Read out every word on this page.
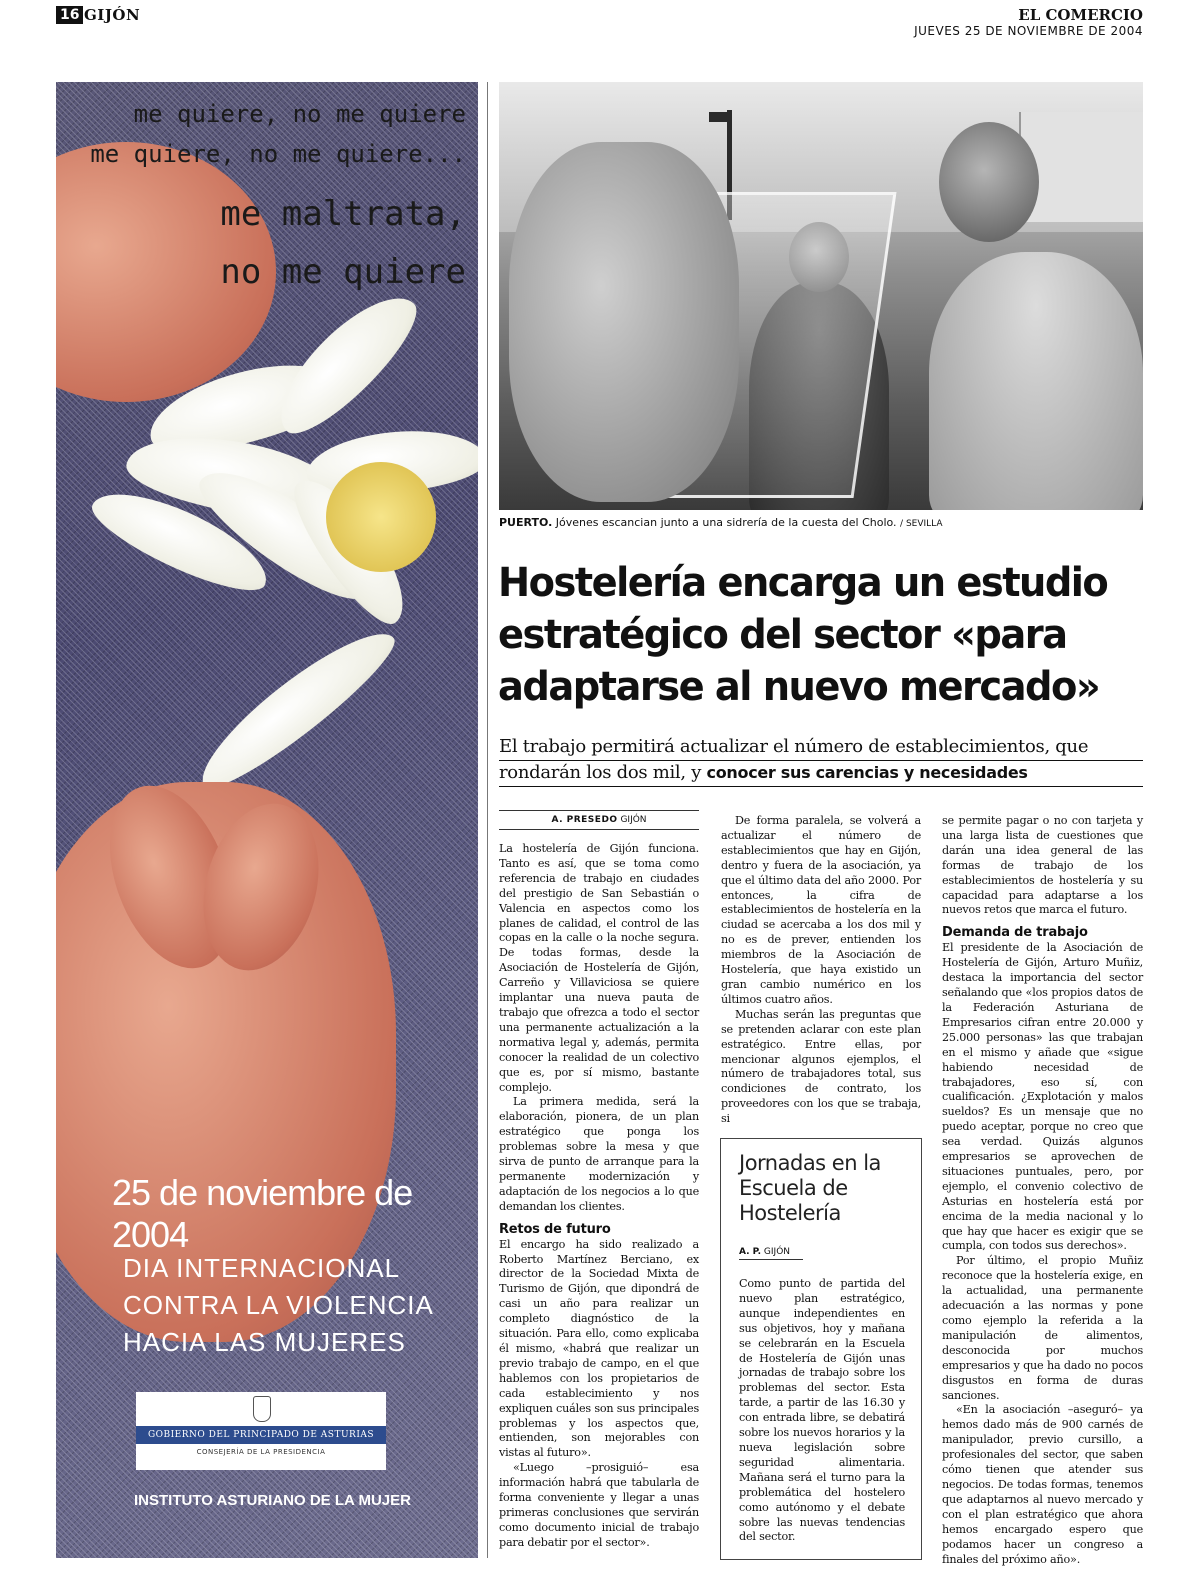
16 GIJÓN	EL COMERCIO
JUEVES 25 DE NOVIEMBRE DE 2004
me quiere, no me quiere
me quiere, no me quiere...
me maltrata,
no me quiere
25 de noviembre de 2004
DIA INTERNACIONAL
CONTRA LA VIOLENCIA
HACIA LAS MUJERES
GOBIERNO DEL PRINCIPADO DE ASTURIAS
CONSEJERÍA DE LA PRESIDENCIA
INSTITUTO ASTURIANO DE LA MUJER
PUERTO. Jóvenes escancian junto a una sidrería de la cuesta del Cholo. / SEVILLA
Hostelería encarga un estudio estratégico del sector «para adaptarse al nuevo mercado»
El trabajo permitirá actualizar el número de establecimientos, que rondarán los dos mil, y conocer sus carencias y necesidades
A. PRESEDO GIJÓN

La hostelería de Gijón funciona. Tanto es así, que se toma como referencia de trabajo en ciudades del prestigio de San Sebastián o Valencia en aspectos como los planes de calidad, el control de las copas en la calle o la noche segura. De todas formas, desde la Asociación de Hostelería de Gijón, Carreño y Villaviciosa se quiere implantar una nueva pauta de trabajo que ofrezca a todo el sector una permanente actualización a la normativa legal y, además, permita conocer la realidad de un colectivo que es, por sí mismo, bastante complejo.

La primera medida, será la elaboración, pionera, de un plan estratégico que ponga los problemas sobre la mesa y que sirva de punto de arranque para la permanente modernización y adaptación de los negocios a lo que demandan los clientes.

Retos de futuro

El encargo ha sido realizado a Roberto Martínez Berciano, ex director de la Sociedad Mixta de Turismo de Gijón, que dipondrá de casi un año para realizar un completo diagnóstico de la situación. Para ello, como explicaba él mismo, «habrá que realizar un previo trabajo de campo, en el que hablemos con los propietarios de cada establecimiento y nos expliquen cuáles son sus principales problemas y los aspectos que, entienden, son mejorables con vistas al futuro».

«Luego –prosiguió– esa información habrá que tabularla de forma conveniente y llegar a unas primeras conclusiones que servirán como documento inicial de trabajo para debatir por el sector».

De forma paralela, se volverá a actualizar el número de establecimientos que hay en Gijón, dentro y fuera de la asociación, ya que el último data del año 2000. Por entonces, la cifra de establecimientos de hostelería en la ciudad se acercaba a los dos mil y no es de prever, entienden los miembros de la Asociación de Hostelería, que haya existido un gran cambio numérico en los últimos cuatro años.

Muchas serán las preguntas que se pretenden aclarar con este plan estratégico. Entre ellas, por mencionar algunos ejemplos, el número de trabajadores total, sus condiciones de contrato, los proveedores con los que se trabaja, si

se permite pagar o no con tarjeta y una larga lista de cuestiones que darán una idea general de las formas de trabajo de los establecimientos de hostelería y su capacidad para adaptarse a los nuevos retos que marca el futuro.

Demanda de trabajo

El presidente de la Asociación de Hostelería de Gijón, Arturo Muñiz, destaca la importancia del sector señalando que «los propios datos de la Federación Asturiana de Empresarios cifran entre 20.000 y 25.000 personas» las que trabajan en el mismo y añade que «sigue habiendo necesidad de trabajadores, eso sí, con cualificación. ¿Explotación y malos sueldos? Es un mensaje que no puedo aceptar, porque no creo que sea verdad. Quizás algunos empresarios se aprovechen de situaciones puntuales, pero, por ejemplo, el convenio colectivo de Asturias en hostelería está por encima de la media nacional y lo que hay que hacer es exigir que se cumpla, con todos sus derechos».

Por último, el propio Muñiz reconoce que la hostelería exige, en la actualidad, una permanente adecuación a las normas y pone como ejemplo la referida a la manipulación de alimentos, desconocida por muchos empresarios y que ha dado no pocos disgustos en forma de duras sanciones.

«En la asociación –aseguró– ya hemos dado más de 900 carnés de manipulador, previo cursillo, a profesionales del sector, que saben cómo tienen que atender sus negocios. De todas formas, tenemos que adaptarnos al nuevo mercado y con el plan estratégico que ahora hemos encargado espero que podamos hacer un congreso a finales del próximo año».

Jornadas en la Escuela de Hostelería
A. P. GIJÓN

Como punto de partida del nuevo plan estratégico, aunque independientes en sus objetivos, hoy y mañana se celebrarán en la Escuela de Hostelería de Gijón unas jornadas de trabajo sobre los problemas del sector. Esta tarde, a partir de las 16.30 y con entrada libre, se debatirá sobre los nuevos horarios y la nueva legislación sobre seguridad alimentaria. Mañana será el turno para la problemática del hostelero como autónomo y el debate sobre las nuevas tendencias del sector.
